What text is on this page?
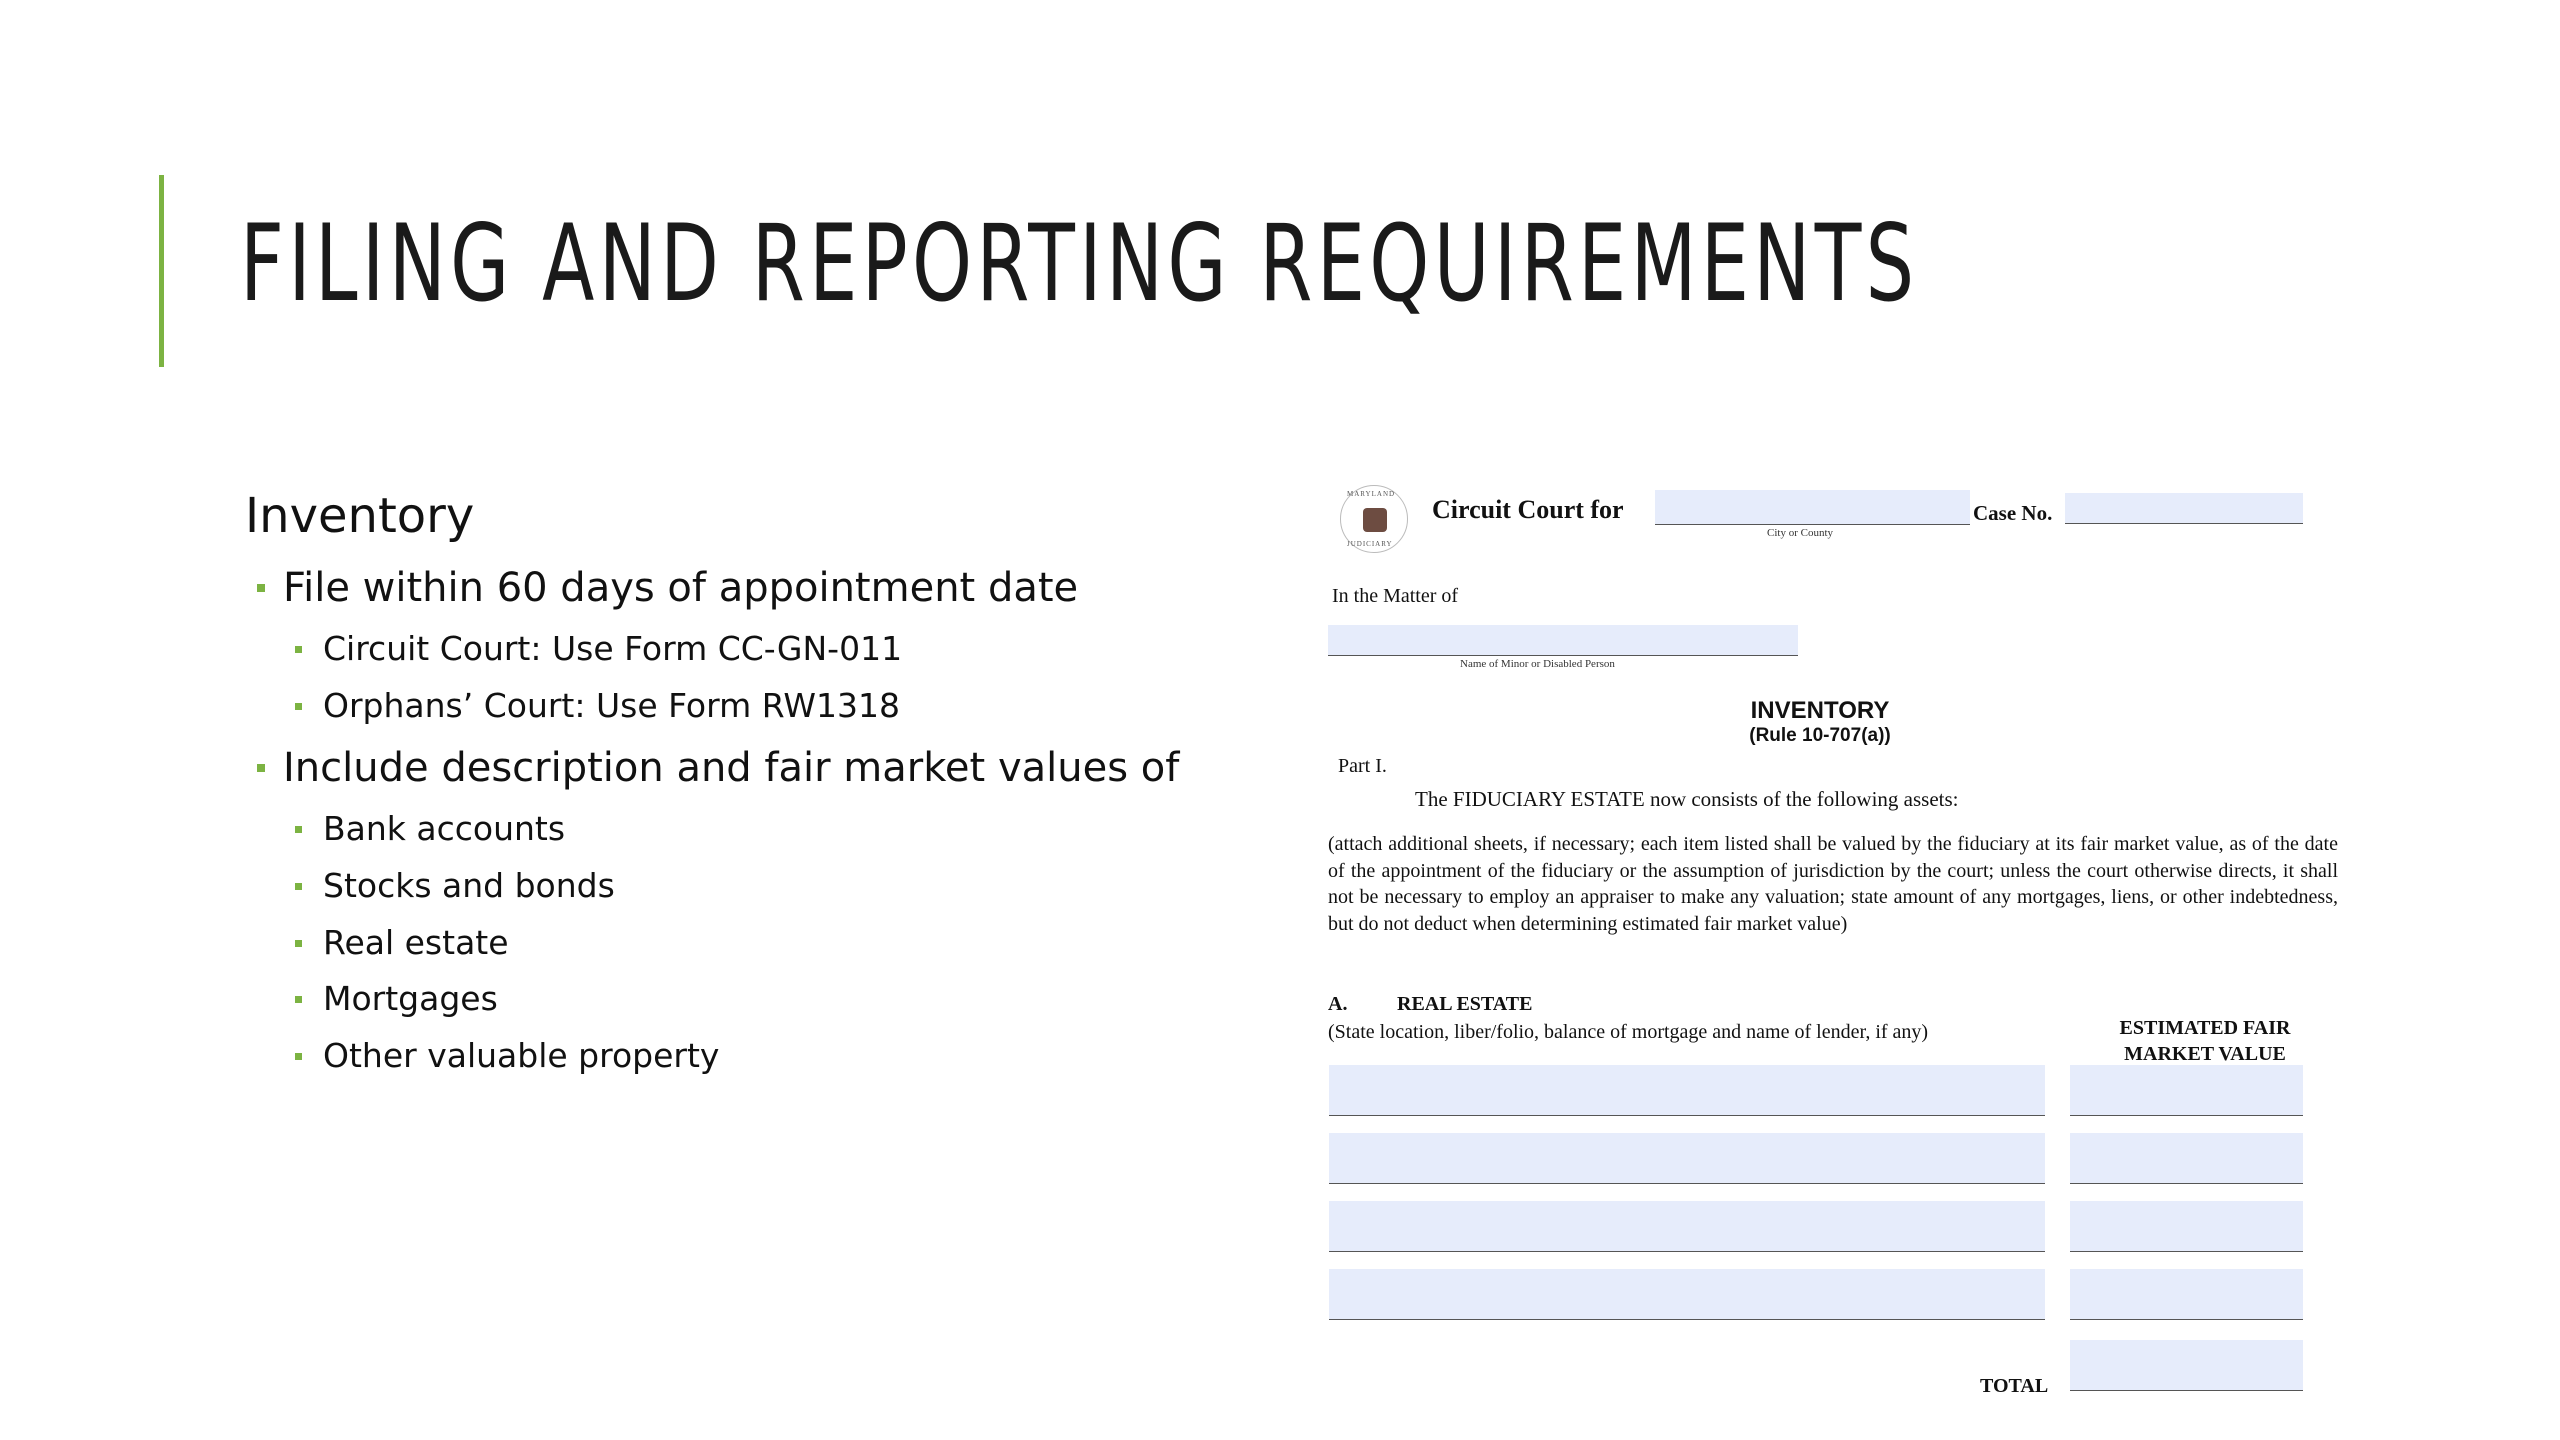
FILING AND REPORTING REQUIREMENTS
Inventory
File within 60 days of appointment date
Circuit Court: Use Form CC-GN-011
Orphans’ Court: Use Form RW1318
Include description and fair market values of
Bank accounts
Stocks and bonds
Real estate
Mortgages
Other valuable property
MARYLAND
JUDICIARY
Circuit Court for
City or County
Case No.
In the Matter of
Name of Minor or Disabled Person
INVENTORY
(Rule 10-707(a))
Part I.
The FIDUCIARY ESTATE now consists of the following assets:
(attach additional sheets, if necessary; each item listed shall be valued by the fiduciary at its fair market value, as of the date of the appointment of the fiduciary or the assumption of jurisdiction by the court; unless the court otherwise directs, it shall not be necessary to employ an appraiser to make any valuation; state amount of any mortgages, liens, or other indebtedness, but do not deduct when determining estimated fair market value)
A. REAL ESTATE
(State location, liber/folio, balance of mortgage and name of lender, if any)	ESTIMATED FAIR
MARKET VALUE
TOTAL
